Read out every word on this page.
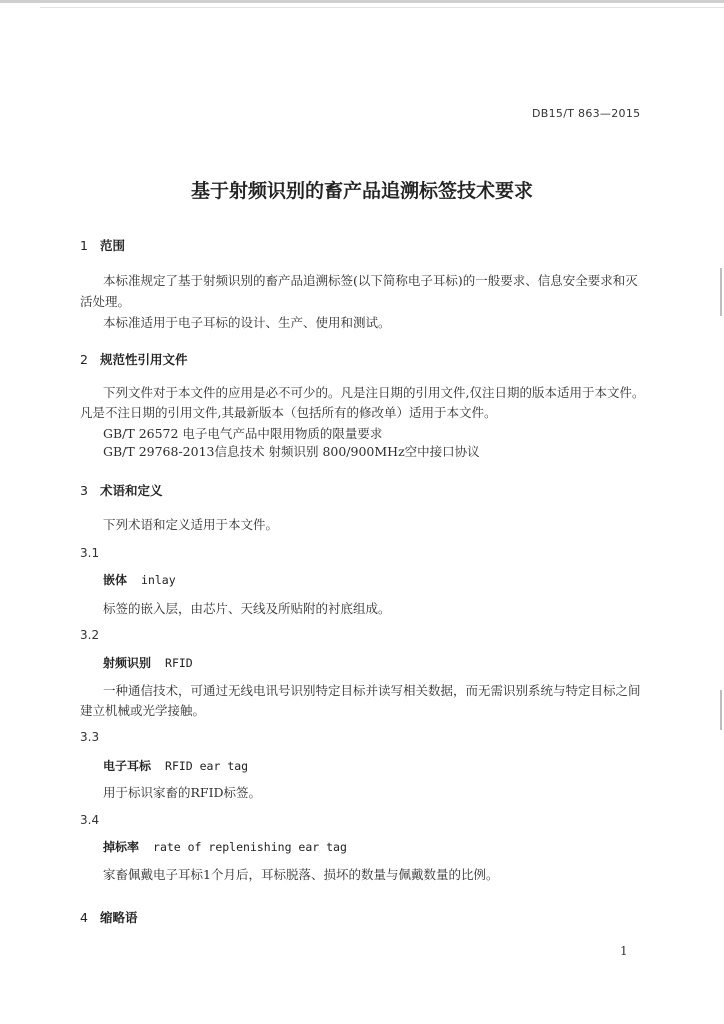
DB15/T 863—2015
基于射频识别的畜产品追溯标签技术要求
1 范围
本标准规定了基于射频识别的畜产品追溯标签(以下简称电子耳标)的一般要求、信息安全要求和灭
活处理。
本标准适用于电子耳标的设计、生产、使用和测试。
2 规范性引用文件
下列文件对于本文件的应用是必不可少的。凡是注日期的引用文件,仅注日期的版本适用于本文件。
凡是不注日期的引用文件,其最新版本（包括所有的修改单）适用于本文件。
GB/T 26572 电子电气产品中限用物质的限量要求
GB/T 29768-2013信息技术 射频识别 800/900MHz空中接口协议
3 术语和定义
下列术语和定义适用于本文件。
3.1
嵌体 inlay
标签的嵌入层，由芯片、天线及所贴附的衬底组成。
3.2
射频识别 RFID
一种通信技术，可通过无线电讯号识别特定目标并读写相关数据，而无需识别系统与特定目标之间
建立机械或光学接触。
3.3
电子耳标 RFID ear tag
用于标识家畜的RFID标签。
3.4
掉标率 rate of replenishing ear tag
家畜佩戴电子耳标1个月后，耳标脱落、损坏的数量与佩戴数量的比例。
4 缩略语
1
